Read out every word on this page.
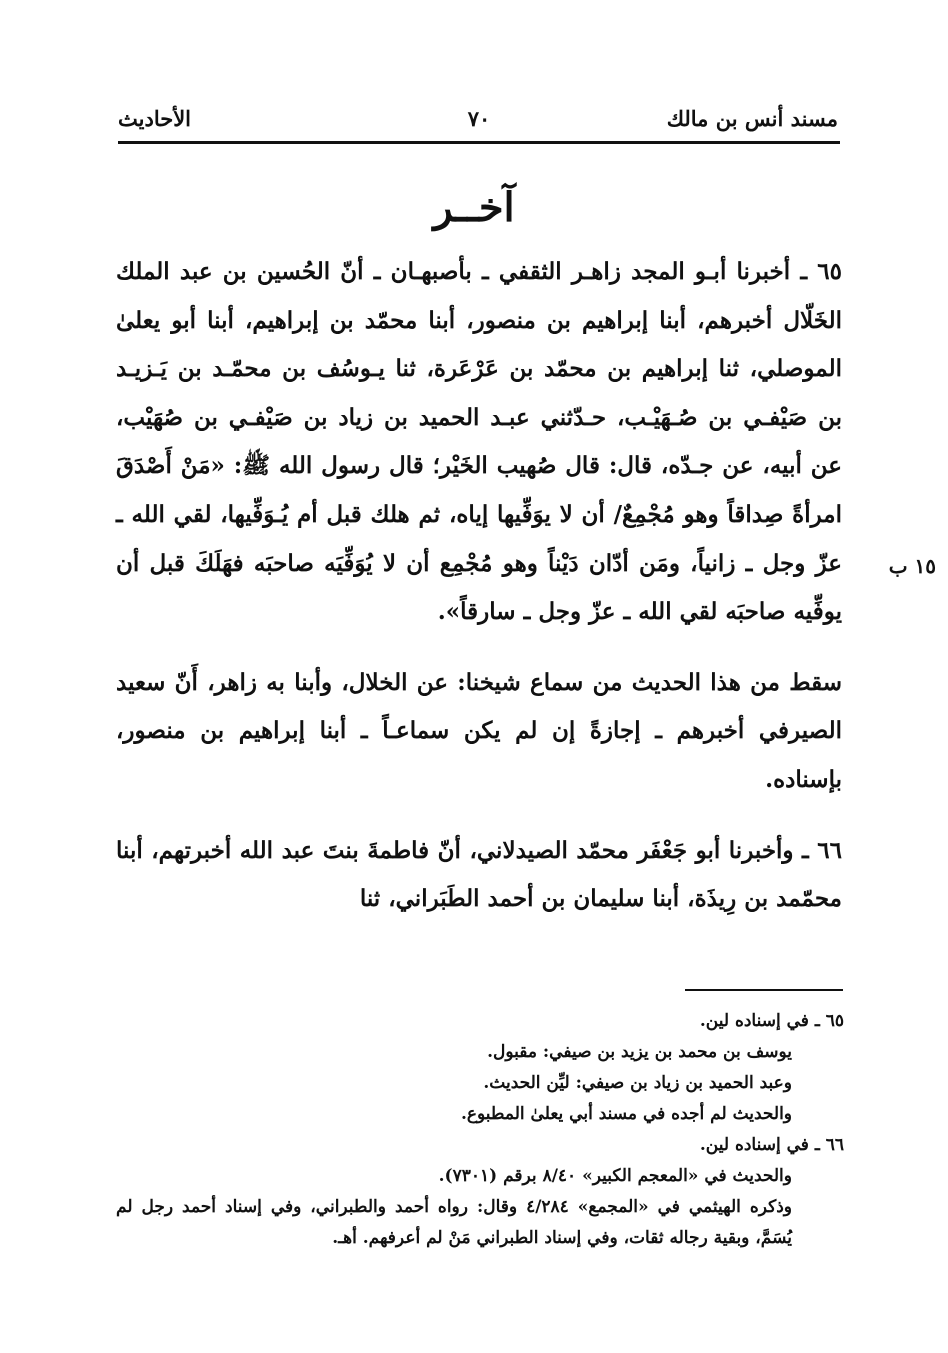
مسند أنس بن مالك
٧٠
الأحاديث
آخــر
١٥ ب

٦٥ ـ أخبرنا أبـو المجد زاهـر الثقفي ـ بأصبهـان ـ أنّ الحُسين بن عبد الملك الخَلّال أخبرهم، أبنا إبراهيم بن منصور، أبنا محمّد بن إبراهيم، أبنا أبو يعلىٰ الموصلي، ثنا إبراهيم بن محمّد بن عَرْعَرة، ثنا يـوسُف بن محمّـد بن يَـزيـد بن صَيْفـي بن صُـهَيْـب، حـدّثني عبـد الحميد بن زياد بن صَيْفـي بن صُهَيْب، عن أبيه، عن جـدّه، قال: قال صُهيب الخَيْر؛ قال رسول الله ﷺ: «مَنْ أَصْدَقَ امرأةً صِداقاً وهو مُجْمِعٌ/ أن لا يوَفِّيها إياه، ثم هلك قبل أم يُـوَفِّيها، لقي الله ـ عزّ وجل ـ زانياً، ومَن أدّان دَيْناً وهو مُجْمِع أن لا يُوَفِّيَه صاحبَه فهَلَكَ قبل أن يوفِّيه صاحبَه لقي الله ـ عزّ وجل ـ سارقاً».

سقط من هذا الحديث من سماع شيخنا: عن الخلال، وأبنا به زاهر، أَنّ سعيد الصيرفي أخبرهم ـ إجازةً إن لم يكن سماعـاً ـ أبنا إبراهيم بن منصور، بإسناده.

٦٦ ـ وأخبرنا أبو جَعْفَر محمّد الصيدلاني، أنّ فاطمةَ بنتَ عبد الله أخبرتهم، أبنا محمّمد بن رِيذَة، أبنا سليمان بن أحمد الطَبَراني، ثنا

٦٥ ـ في إسناده لين.

يوسف بن محمد بن يزيد بن صيفي: مقبول.

وعبد الحميد بن زياد بن صيفي: ليِّن الحديث.

والحديث لم أجده في مسند أبي يعلىٰ المطبوع.

٦٦ ـ في إسناده لين.

والحديث في «المعجم الكبير» ٨/٤٠ برقم (٧٣٠١).

وذكره الهيثمي في «المجمع» ٤/٢٨٤ وقال: رواه أحمد والطبراني، وفي إسناد أحمد رجل لم يُسَمَّ، وبقية رجاله ثقات، وفي إسناد الطبراني مَنْ لم أعرفهم. أهـ.
